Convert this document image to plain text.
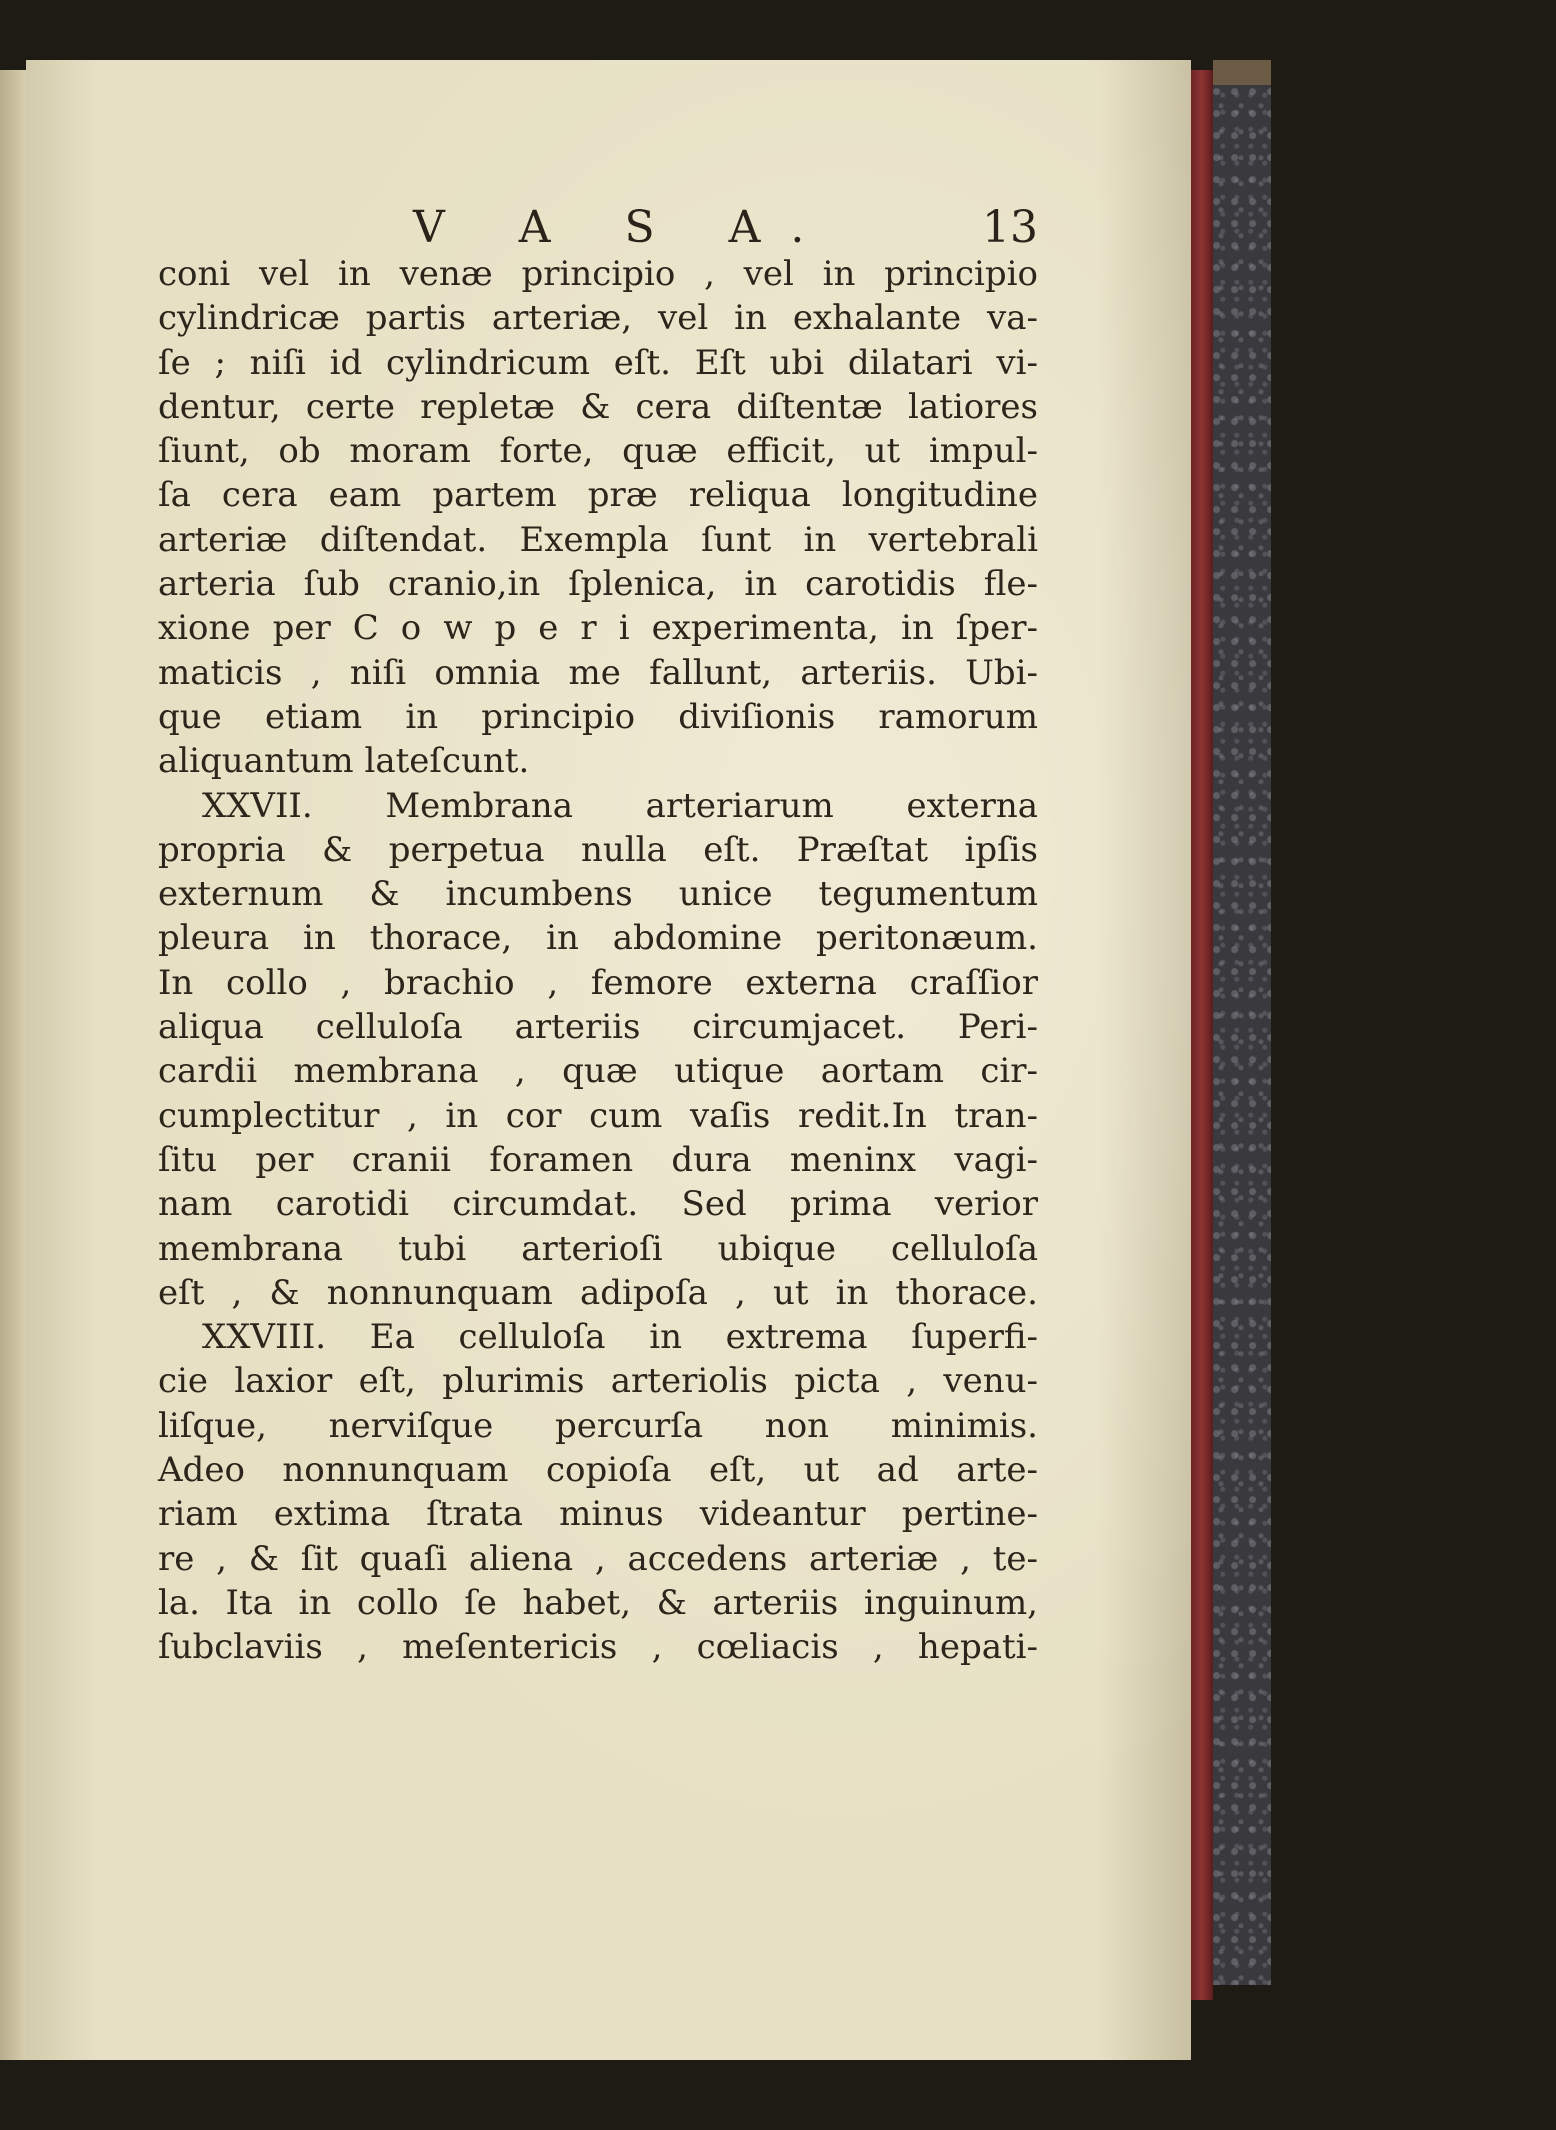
V A S A.	13
coni vel in venæ principio , vel in principio
cylindricæ partis arteriæ, vel in exhalante va-
ſe ; niſi id cylindricum eſt. Eſt ubi dilatari vi-
dentur, certe repletæ & cera diſtentæ latiores
ſiunt, ob moram forte, quæ efficit, ut impul-
ſa cera eam partem præ reliqua longitudine
arteriæ diſtendat. Exempla ſunt in vertebrali
arteria ſub cranio,in ſplenica, in carotidis fle-
xione per C o w p e r i experimenta, in ſper-
maticis , niſi omnia me fallunt, arteriis. Ubi-
que etiam in principio diviſionis ramorum
aliquantum lateſcunt.
XXVII. Membrana arteriarum externa
propria & perpetua nulla eſt. Præſtat ipſis
externum & incumbens unice tegumentum
pleura in thorace, in abdomine peritonæum.
In collo , brachio , femore externa craſſior
aliqua celluloſa arteriis circumjacet. Peri-
cardii membrana , quæ utique aortam cir-
cumplectitur , in cor cum vaſis redit.In tran-
ſitu per cranii foramen dura meninx vagi-
nam carotidi circumdat. Sed prima verior
membrana tubi arterioſi ubique celluloſa
eſt , & nonnunquam adipoſa , ut in thorace.
XXVIII. Ea celluloſa in extrema ſuperfi-
cie laxior eſt, plurimis arteriolis picta , venu-
liſque, nerviſque percurſa non minimis.
Adeo nonnunquam copioſa eſt, ut ad arte-
riam extima ſtrata minus videantur pertine-
re , & ſit quaſi aliena , accedens arteriæ , te-
la. Ita in collo ſe habet, & arteriis inguinum,
ſubclaviis , meſentericis , cœliacis , hepati-
